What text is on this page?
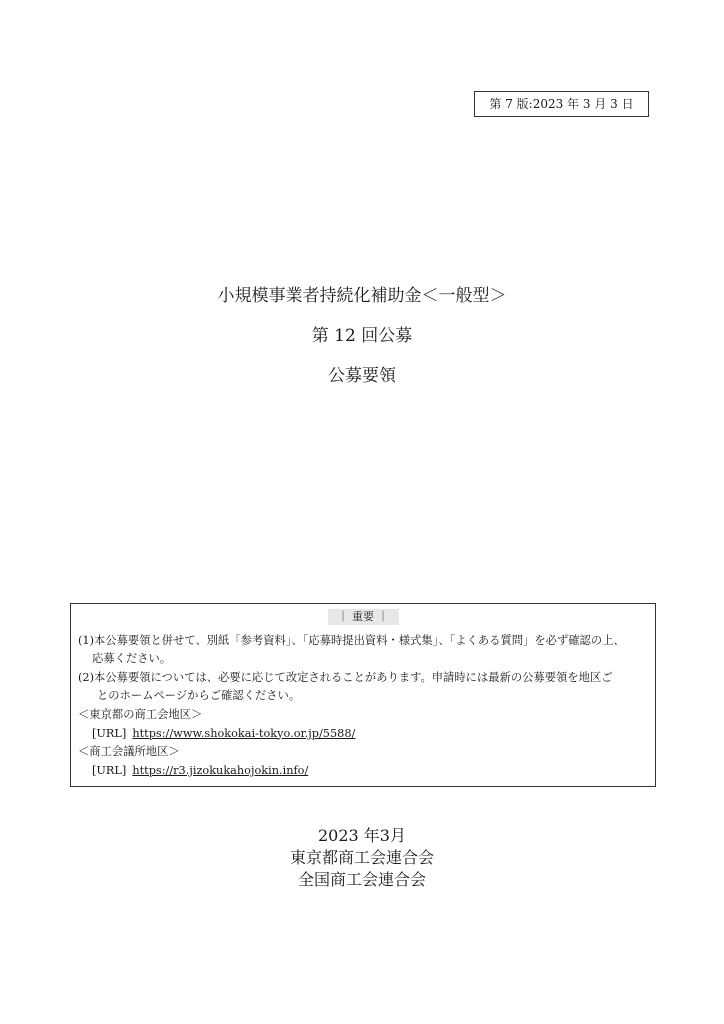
第 7 版:2023 年 3 月 3 日
小規模事業者持続化補助金＜一般型＞
第 12 回公募
公募要領
｜ 重要 ｜
(1)本公募要領と併せて、別紙「参考資料」、「応募時提出資料・様式集」、「よくある質問」を必ず確認の上、
応募ください。
(2)本公募要領については、必要に応じて改定されることがあります。申請時には最新の公募要領を地区ご
とのホームページからご確認ください。
＜東京都の商工会地区＞
[URL] https://www.shokokai-tokyo.or.jp/5588/
＜商工会議所地区＞
[URL] https://r3.jizokukahojokin.info/
2023 年3月
東京都商工会連合会
全国商工会連合会
